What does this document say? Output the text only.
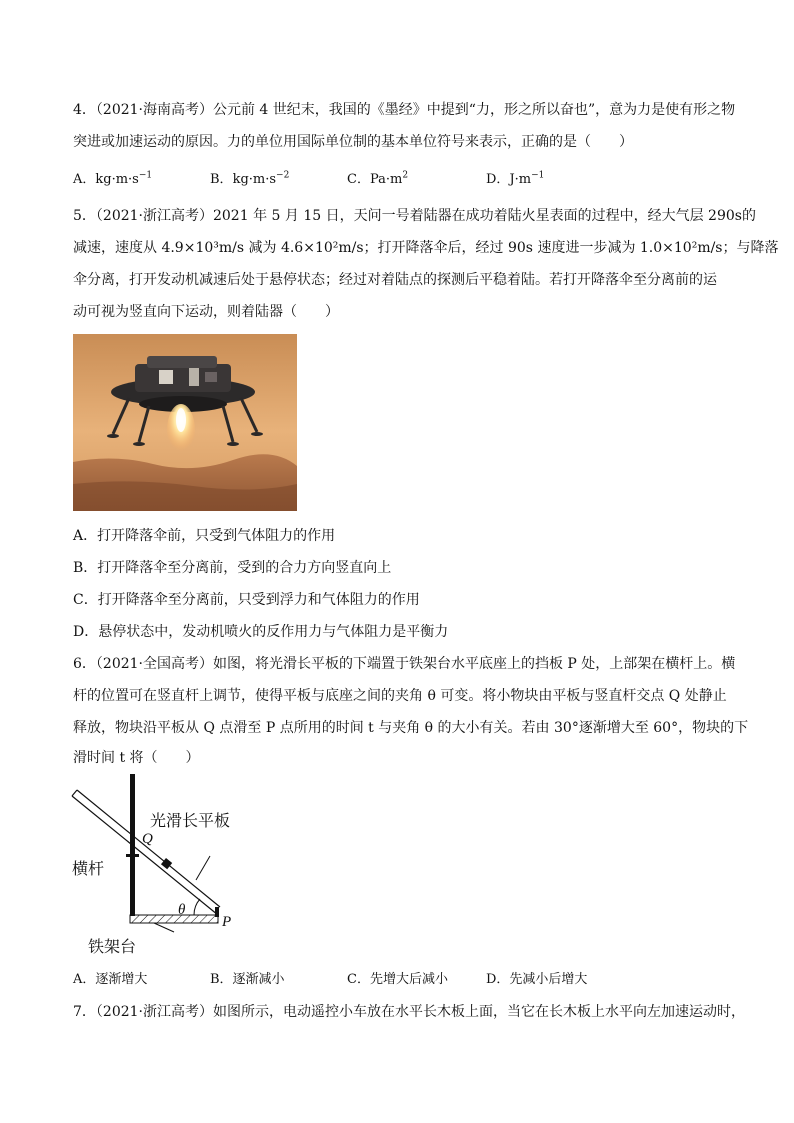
4．（2021·海南高考）公元前 4 世纪末，我国的《墨经》中提到“力，形之所以奋也”，意为力是使有形之物
突进或加速运动的原因。力的单位用国际单位制的基本单位符号来表示，正确的是（　　）
A．$kg\cdot m\cdot s^{-1}$	B．$kg\cdot m\cdot s^{-2}$	C．$Pa\cdot m^2$	D．$J\cdot m^{-1}$
5．（2021·浙江高考）2021 年 5 月 15 日，天问一号着陆器在成功着陆火星表面的过程中，经大气层 290s的
减速，速度从 4.9×10³m/s 减为 4.6×10²m/s；打开降落伞后，经过 90s 速度进一步减为 1.0×10²m/s；与降落
伞分离，打开发动机减速后处于悬停状态；经过对着陆点的探测后平稳着陆。若打开降落伞至分离前的运
动可视为竖直向下运动，则着陆器（　　）
A．打开降落伞前，只受到气体阻力的作用
B．打开降落伞至分离前，受到的合力方向竖直向上
C．打开降落伞至分离前，只受到浮力和气体阻力的作用
D．悬停状态中，发动机喷火的反作用力与气体阻力是平衡力
6．（2021·全国高考）如图，将光滑长平板的下端置于铁架台水平底座上的挡板 P 处，上部架在横杆上。横
杆的位置可在竖直杆上调节，使得平板与底座之间的夹角 θ 可变。将小物块由平板与竖直杆交点 Q 处静止
释放，物块沿平板从 Q 点滑至 P 点所用的时间 t 与夹角 θ 的大小有关。若由 30°逐渐增大至 60°，物块的下
滑时间 t 将（　　）
Q
P
θ
光滑长平板
横杆
铁架台
A．逐渐增大	B．逐渐减小	C．先增大后减小	D．先减小后增大
7．（2021·浙江高考）如图所示，电动遥控小车放在水平长木板上面，当它在长木板上水平向左加速运动时，
